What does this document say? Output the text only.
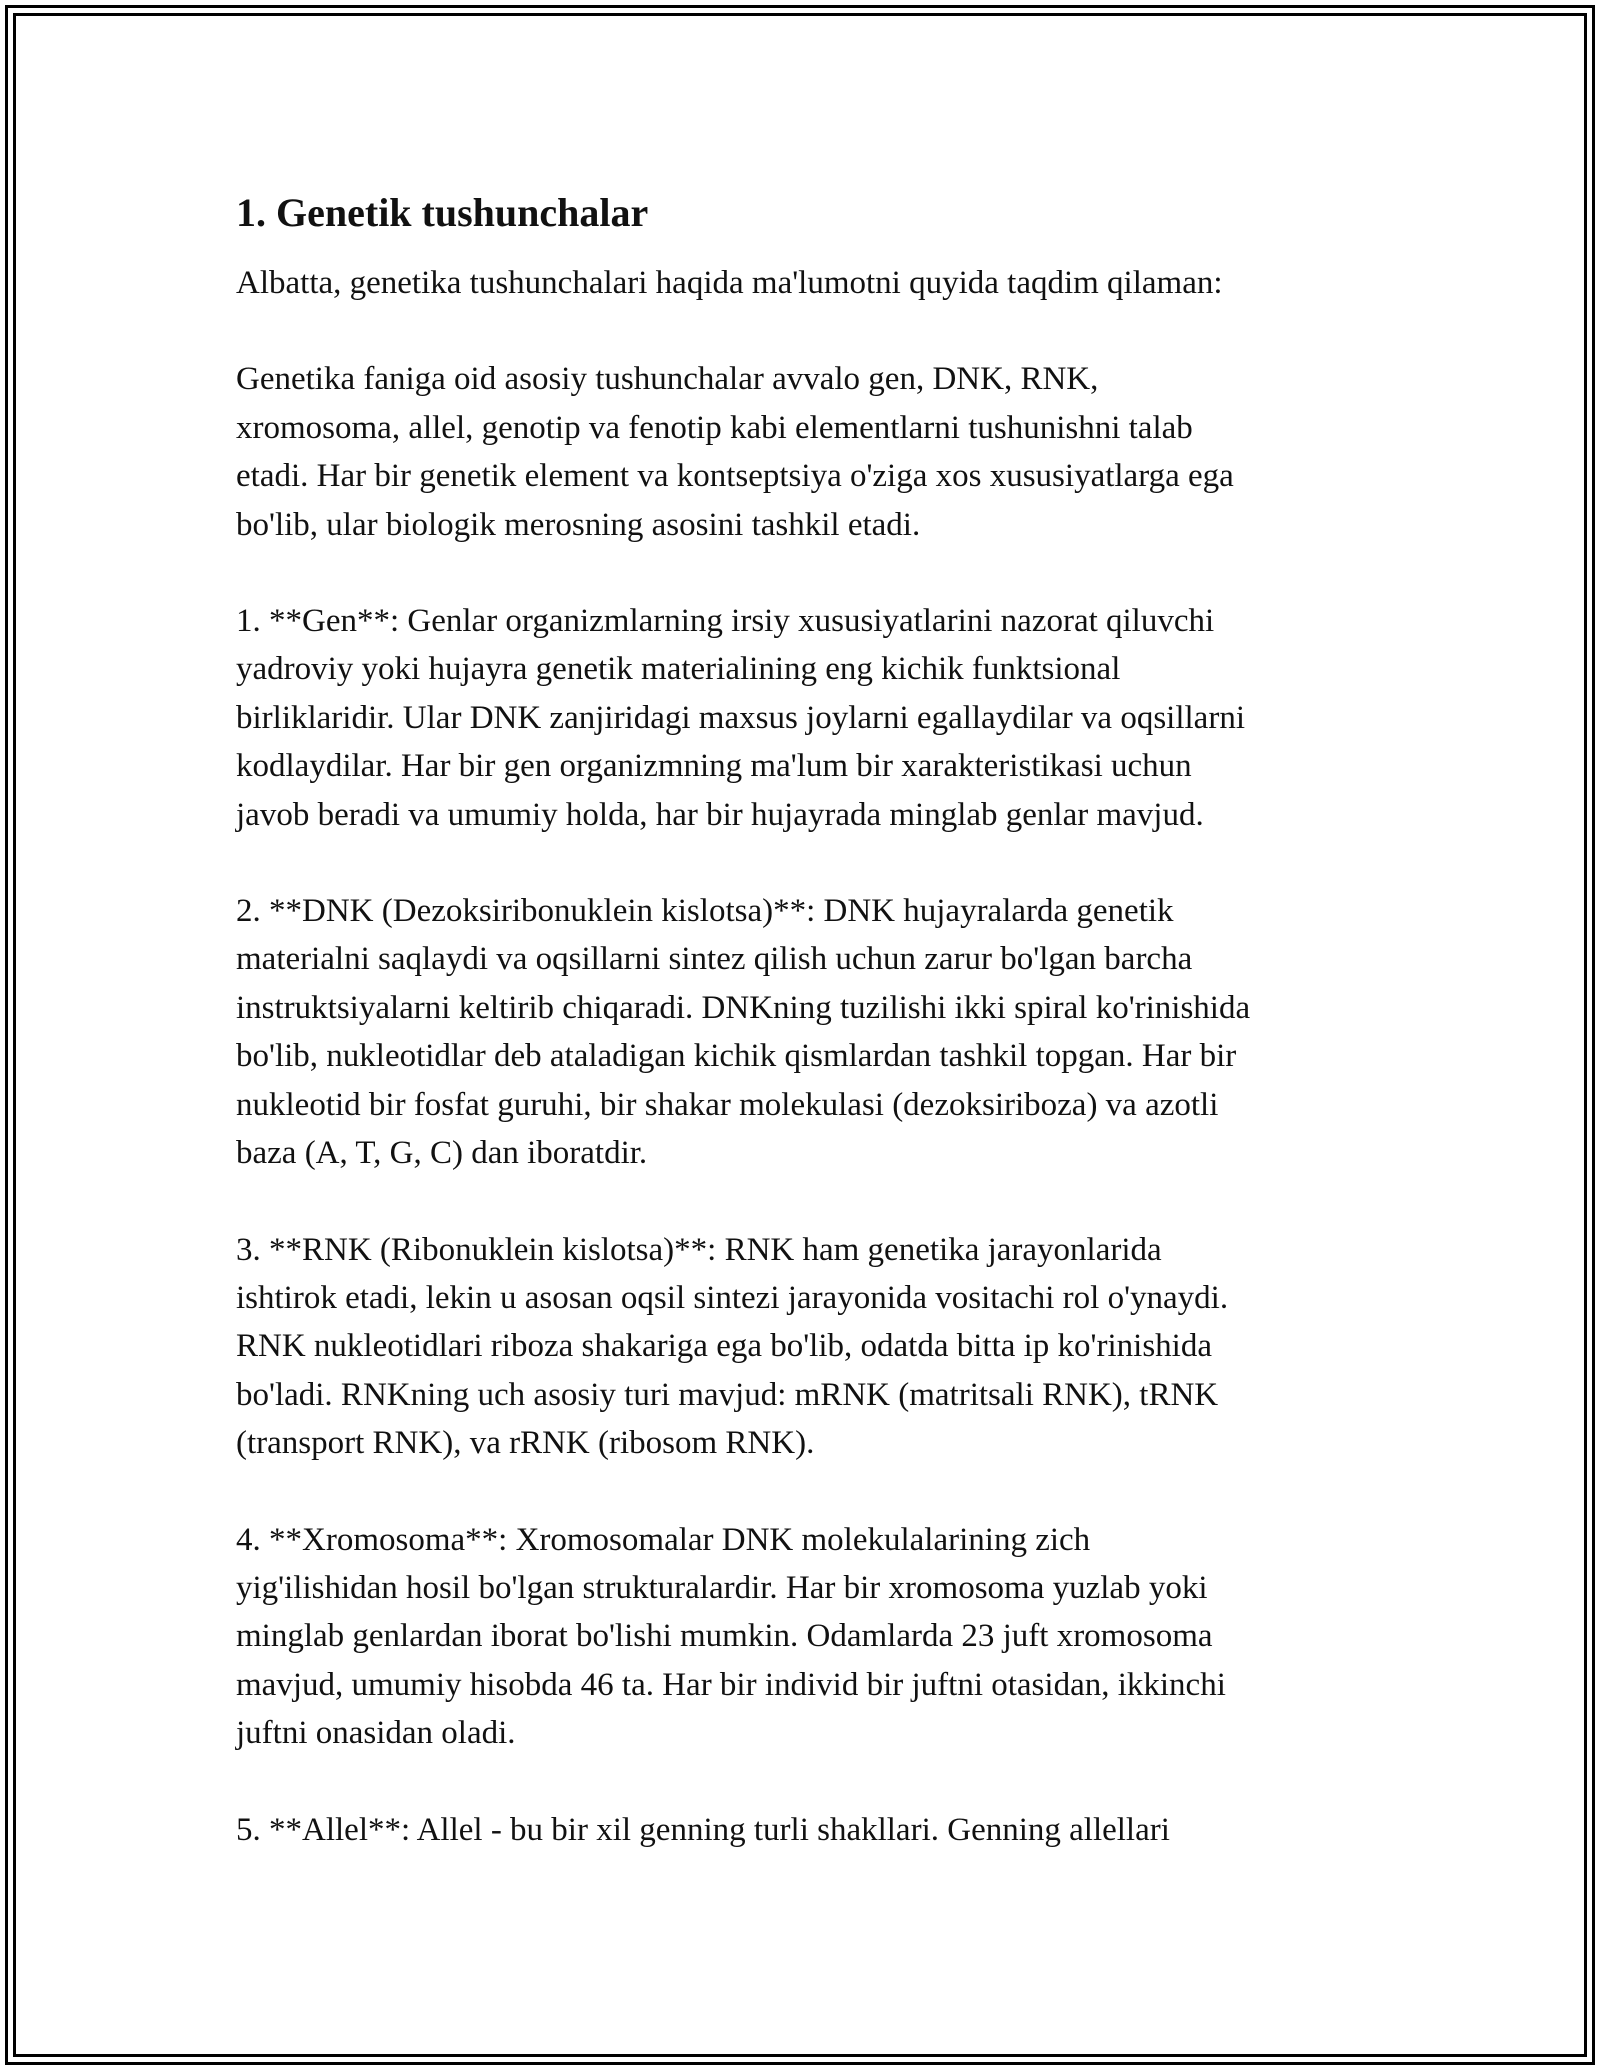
1. Genetik tushunchalar

Albatta, genetika tushunchalari haqida ma'lumotni quyida taqdim qilaman:

Genetika faniga oid asosiy tushunchalar avvalo gen, DNK, RNK,
xromosoma, allel, genotip va fenotip kabi elementlarni tushunishni talab
etadi. Har bir genetik element va kontseptsiya o'ziga xos xususiyatlarga ega
bo'lib, ular biologik merosning asosini tashkil etadi.

1. **Gen**: Genlar organizmlarning irsiy xususiyatlarini nazorat qiluvchi
yadroviy yoki hujayra genetik materialining eng kichik funktsional
birliklaridir. Ular DNK zanjiridagi maxsus joylarni egallaydilar va oqsillarni
kodlaydilar. Har bir gen organizmning ma'lum bir xarakteristikasi uchun
javob beradi va umumiy holda, har bir hujayrada minglab genlar mavjud.

2. **DNK (Dezoksiribonuklein kislotsa)**: DNK hujayralarda genetik
materialni saqlaydi va oqsillarni sintez qilish uchun zarur bo'lgan barcha
instruktsiyalarni keltirib chiqaradi. DNKning tuzilishi ikki spiral ko'rinishida
bo'lib, nukleotidlar deb ataladigan kichik qismlardan tashkil topgan. Har bir
nukleotid bir fosfat guruhi, bir shakar molekulasi (dezoksiriboza) va azotli
baza (A, T, G, C) dan iboratdir.

3. **RNK (Ribonuklein kislotsa)**: RNK ham genetika jarayonlarida
ishtirok etadi, lekin u asosan oqsil sintezi jarayonida vositachi rol o'ynaydi.
RNK nukleotidlari riboza shakariga ega bo'lib, odatda bitta ip ko'rinishida
bo'ladi. RNKning uch asosiy turi mavjud: mRNK (matritsali RNK), tRNK
(transport RNK), va rRNK (ribosom RNK).

4. **Xromosoma**: Xromosomalar DNK molekulalarining zich
yig'ilishidan hosil bo'lgan strukturalardir. Har bir xromosoma yuzlab yoki
minglab genlardan iborat bo'lishi mumkin. Odamlarda 23 juft xromosoma
mavjud, umumiy hisobda 46 ta. Har bir individ bir juftni otasidan, ikkinchi
juftni onasidan oladi.

5. **Allel**: Allel - bu bir xil genning turli shakllari. Genning allellari
